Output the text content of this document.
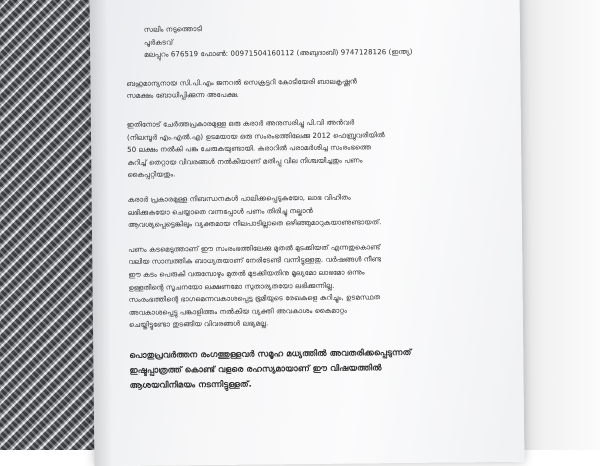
സലിം നടുത്തൊടി
പൂർകടവ്
മലപ്പുറം 676519 ഫോൺ: 00971504160112 (അബുദാബി) 9747128126 (ഇന്ത്യ)
ബഹുമാന്യനായ സി.പി.എം ജനറൽ സെക്രട്ടറി കോടിയേരി ബാലകൃഷ്ണൻ
സമക്ഷം ബോധിപ്പിക്കുന്ന അപേക്ഷ.
ഇതിനോട് ചേർത്തപ്രകാരമുള്ള ഒരു കരാർ അനുസരിച്ചു പി.വി അൻവർ
(നിലമ്പൂർ എം.എൽ.എ) ഉടമയായ ഒരു സംരംഭത്തിലേക്കു 2012 ഫെബ്രുവരിയിൽ
50 ലക്ഷം നൽകി പങ്കു ചേരുകയുണ്ടായി. കരാറിൽ പരാമർശിച്ച സംരംഭത്തെ
കുറിച്ച് തെറ്റായ വിവരങ്ങൾ നൽകിയാണ് മതിപ്പു വില നിശ്ചയിച്ചതും പണം
കൈപ്പറ്റിയതും.
കരാർ പ്രകാരമുള്ള നിബന്ധനകൾ പാലിക്കപ്പെടുകയോ, ലാഭ വിഹിതം
ലഭിക്കുകയോ ചെയ്യാതെ വന്നപ്പോൾ പണം തിരിച്ചു നല്കാൻ
ആവശ്യപ്പെട്ടെങ്കിലും വ്യക്തമായ നിലപാടില്ലാതെ ഒഴിഞ്ഞുമാറുകയാണുണ്ടായത്.
പണം കടമെടുത്താണ് ഈ സംരംഭത്തിലേക്കു മുതൽ മുടക്കിയത് എന്നതുകൊണ്ട്
വലിയ സാമ്പത്തിക ബാധ്യതയാണ് നേരിടേണ്ടി വന്നിട്ടുള്ളതു. വർഷങ്ങൾ നീണ്ട
ഈ കടം പെരുകി വരുമ്പോഴും മുതൽ മുടക്കിയതിനു മൂല്യമോ ലാഭമോ ഒന്നും
ഉള്ളതിന്റെ സൂചനയോ ലക്ഷണമോ സുതാര്യതയോ ലഭിക്കുന്നില്ല.
സംരംഭത്തിന്റെ ഭാഗമെന്നവകാശപ്പെട്ട ഭൂമിയുടെ രേഖകളെ കുറിച്ചും, ഉടമസ്ഥത
അവകാശപ്പെട്ടു പങ്കാളിത്തം നൽകിയ വ്യക്തി അവകാശം കൈമാറ്റം
ചെയ്തിട്ടുണ്ടോ തുടങ്ങിയ വിവരങ്ങൾ ലഭ്യമല്ല.
പൊതുപ്രവർത്തന രംഗത്തുള്ളവർ സമൂഹ മധ്യത്തിൽ അവതരിക്കപ്പെടുന്നത്
ഇഷ്ടപ്പാത്രത്ത് കൊണ്ട് വളരെ രഹസ്യമായാണ് ഈ വിഷയത്തിൽ
ആശയവിനിമയം നടന്നിട്ടുള്ളത്.
